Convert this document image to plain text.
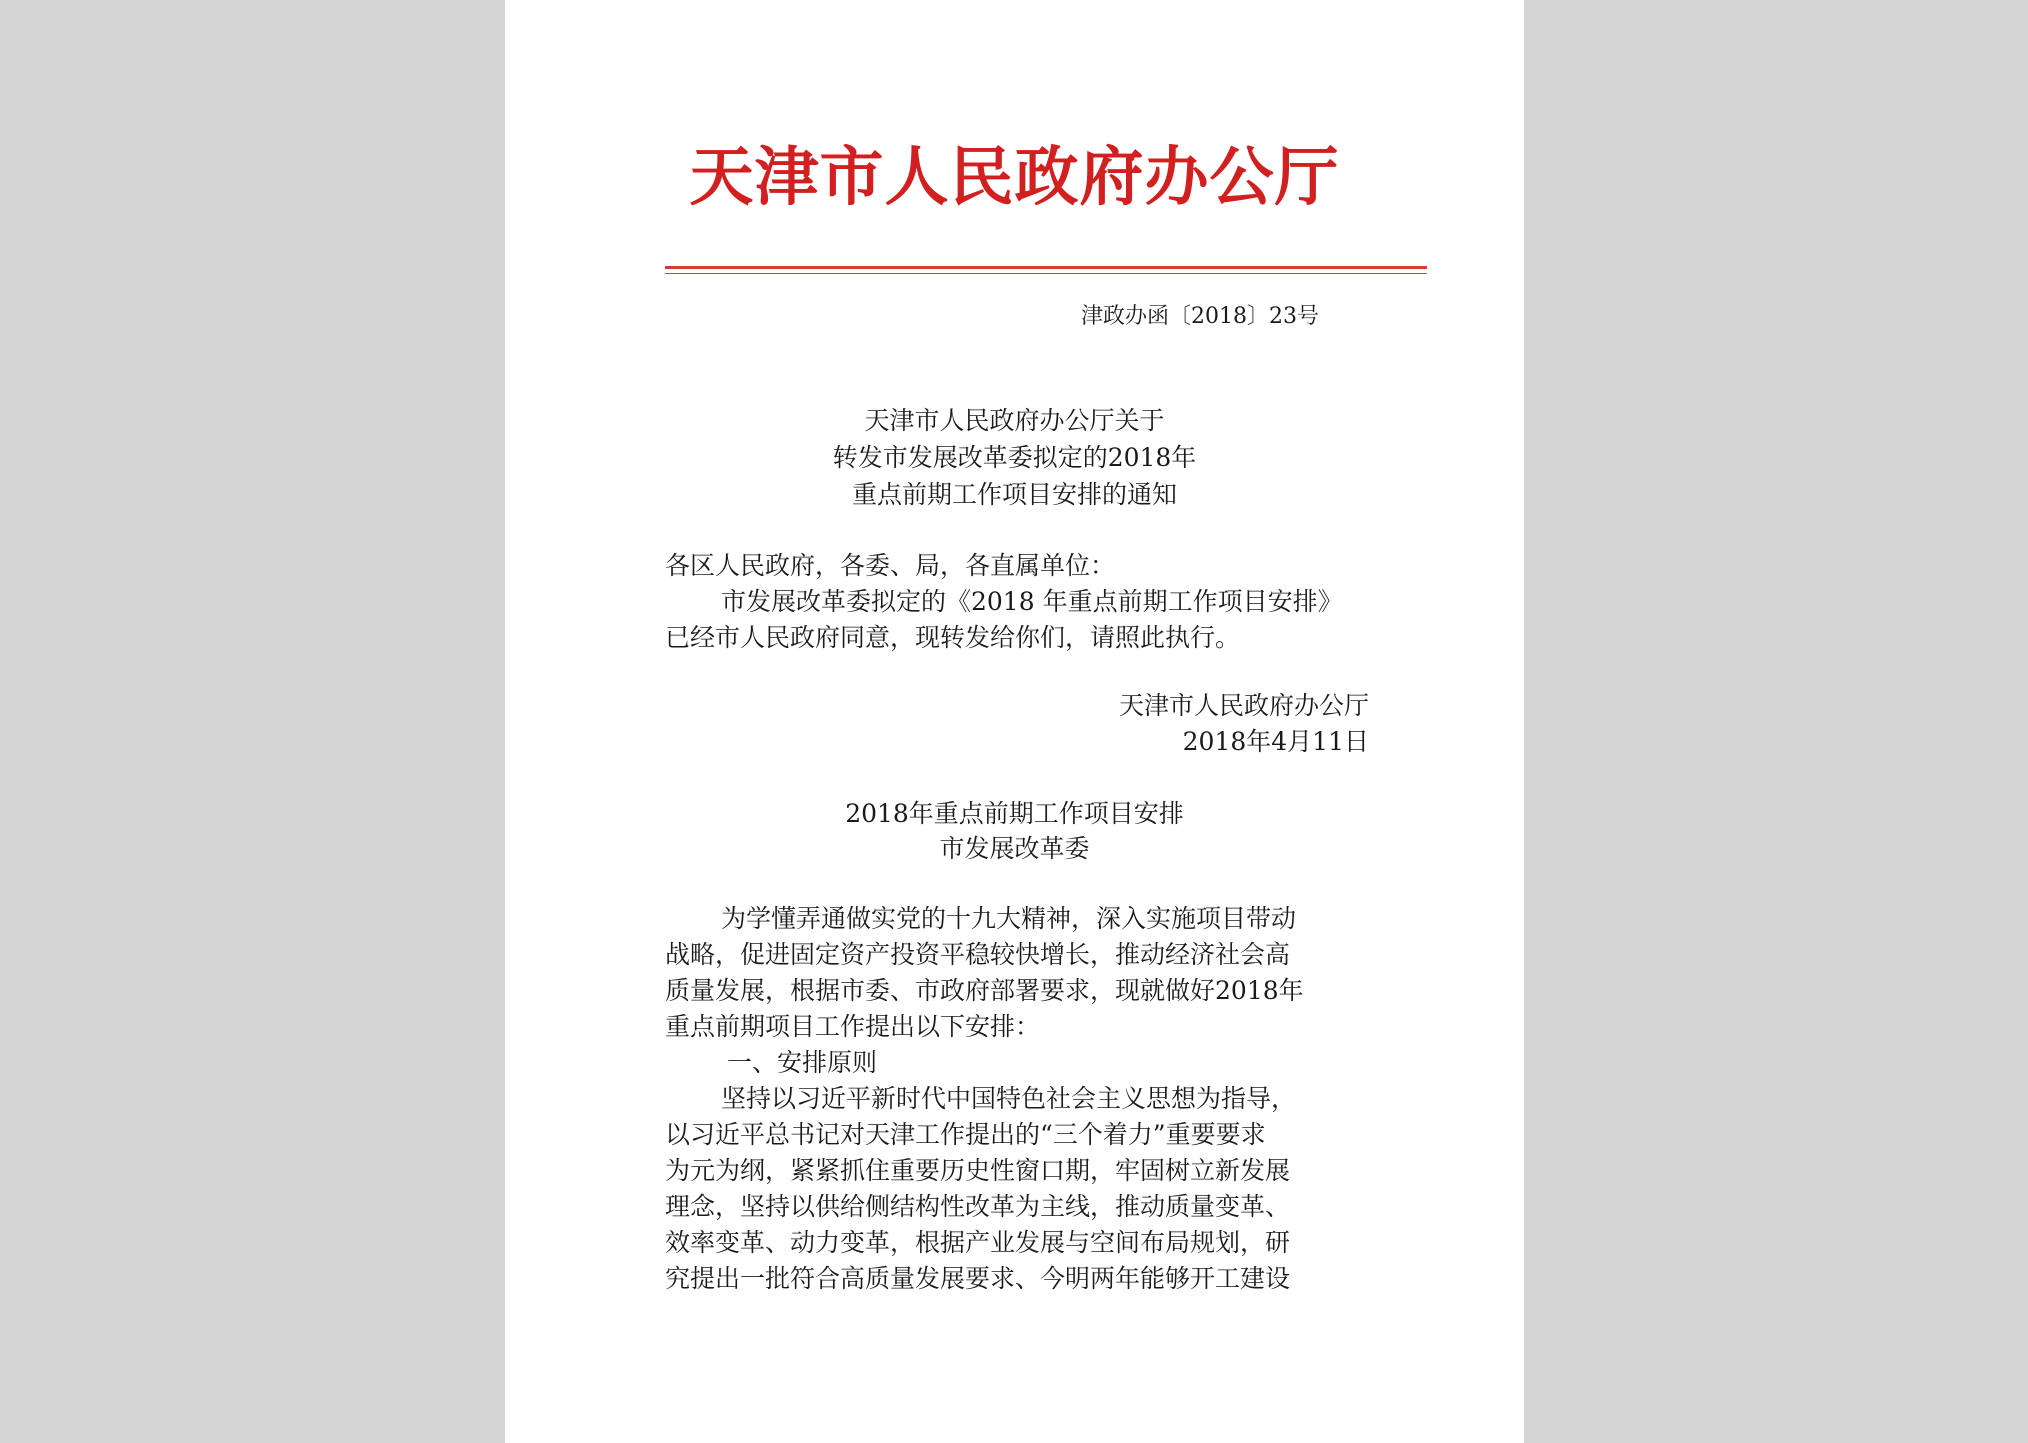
天津市人民政府办公厅
津政办函〔2018〕23号
天津市人民政府办公厅关于
转发市发展改革委拟定的2018年
重点前期工作项目安排的通知
各区人民政府，各委、局，各直属单位：
市发展改革委拟定的《2018 年重点前期工作项目安排》
已经市人民政府同意，现转发给你们，请照此执行。
天津市人民政府办公厅
2018年4月11日
2018年重点前期工作项目安排
市发展改革委
为学懂弄通做实党的十九大精神，深入实施项目带动
战略，促进固定资产投资平稳较快增长，推动经济社会高
质量发展，根据市委、市政府部署要求，现就做好2018年
重点前期项目工作提出以下安排：
一、安排原则
坚持以习近平新时代中国特色社会主义思想为指导，
以习近平总书记对天津工作提出的“三个着力”重要要求
为元为纲，紧紧抓住重要历史性窗口期，牢固树立新发展
理念，坚持以供给侧结构性改革为主线，推动质量变革、
效率变革、动力变革，根据产业发展与空间布局规划，研
究提出一批符合高质量发展要求、今明两年能够开工建设
